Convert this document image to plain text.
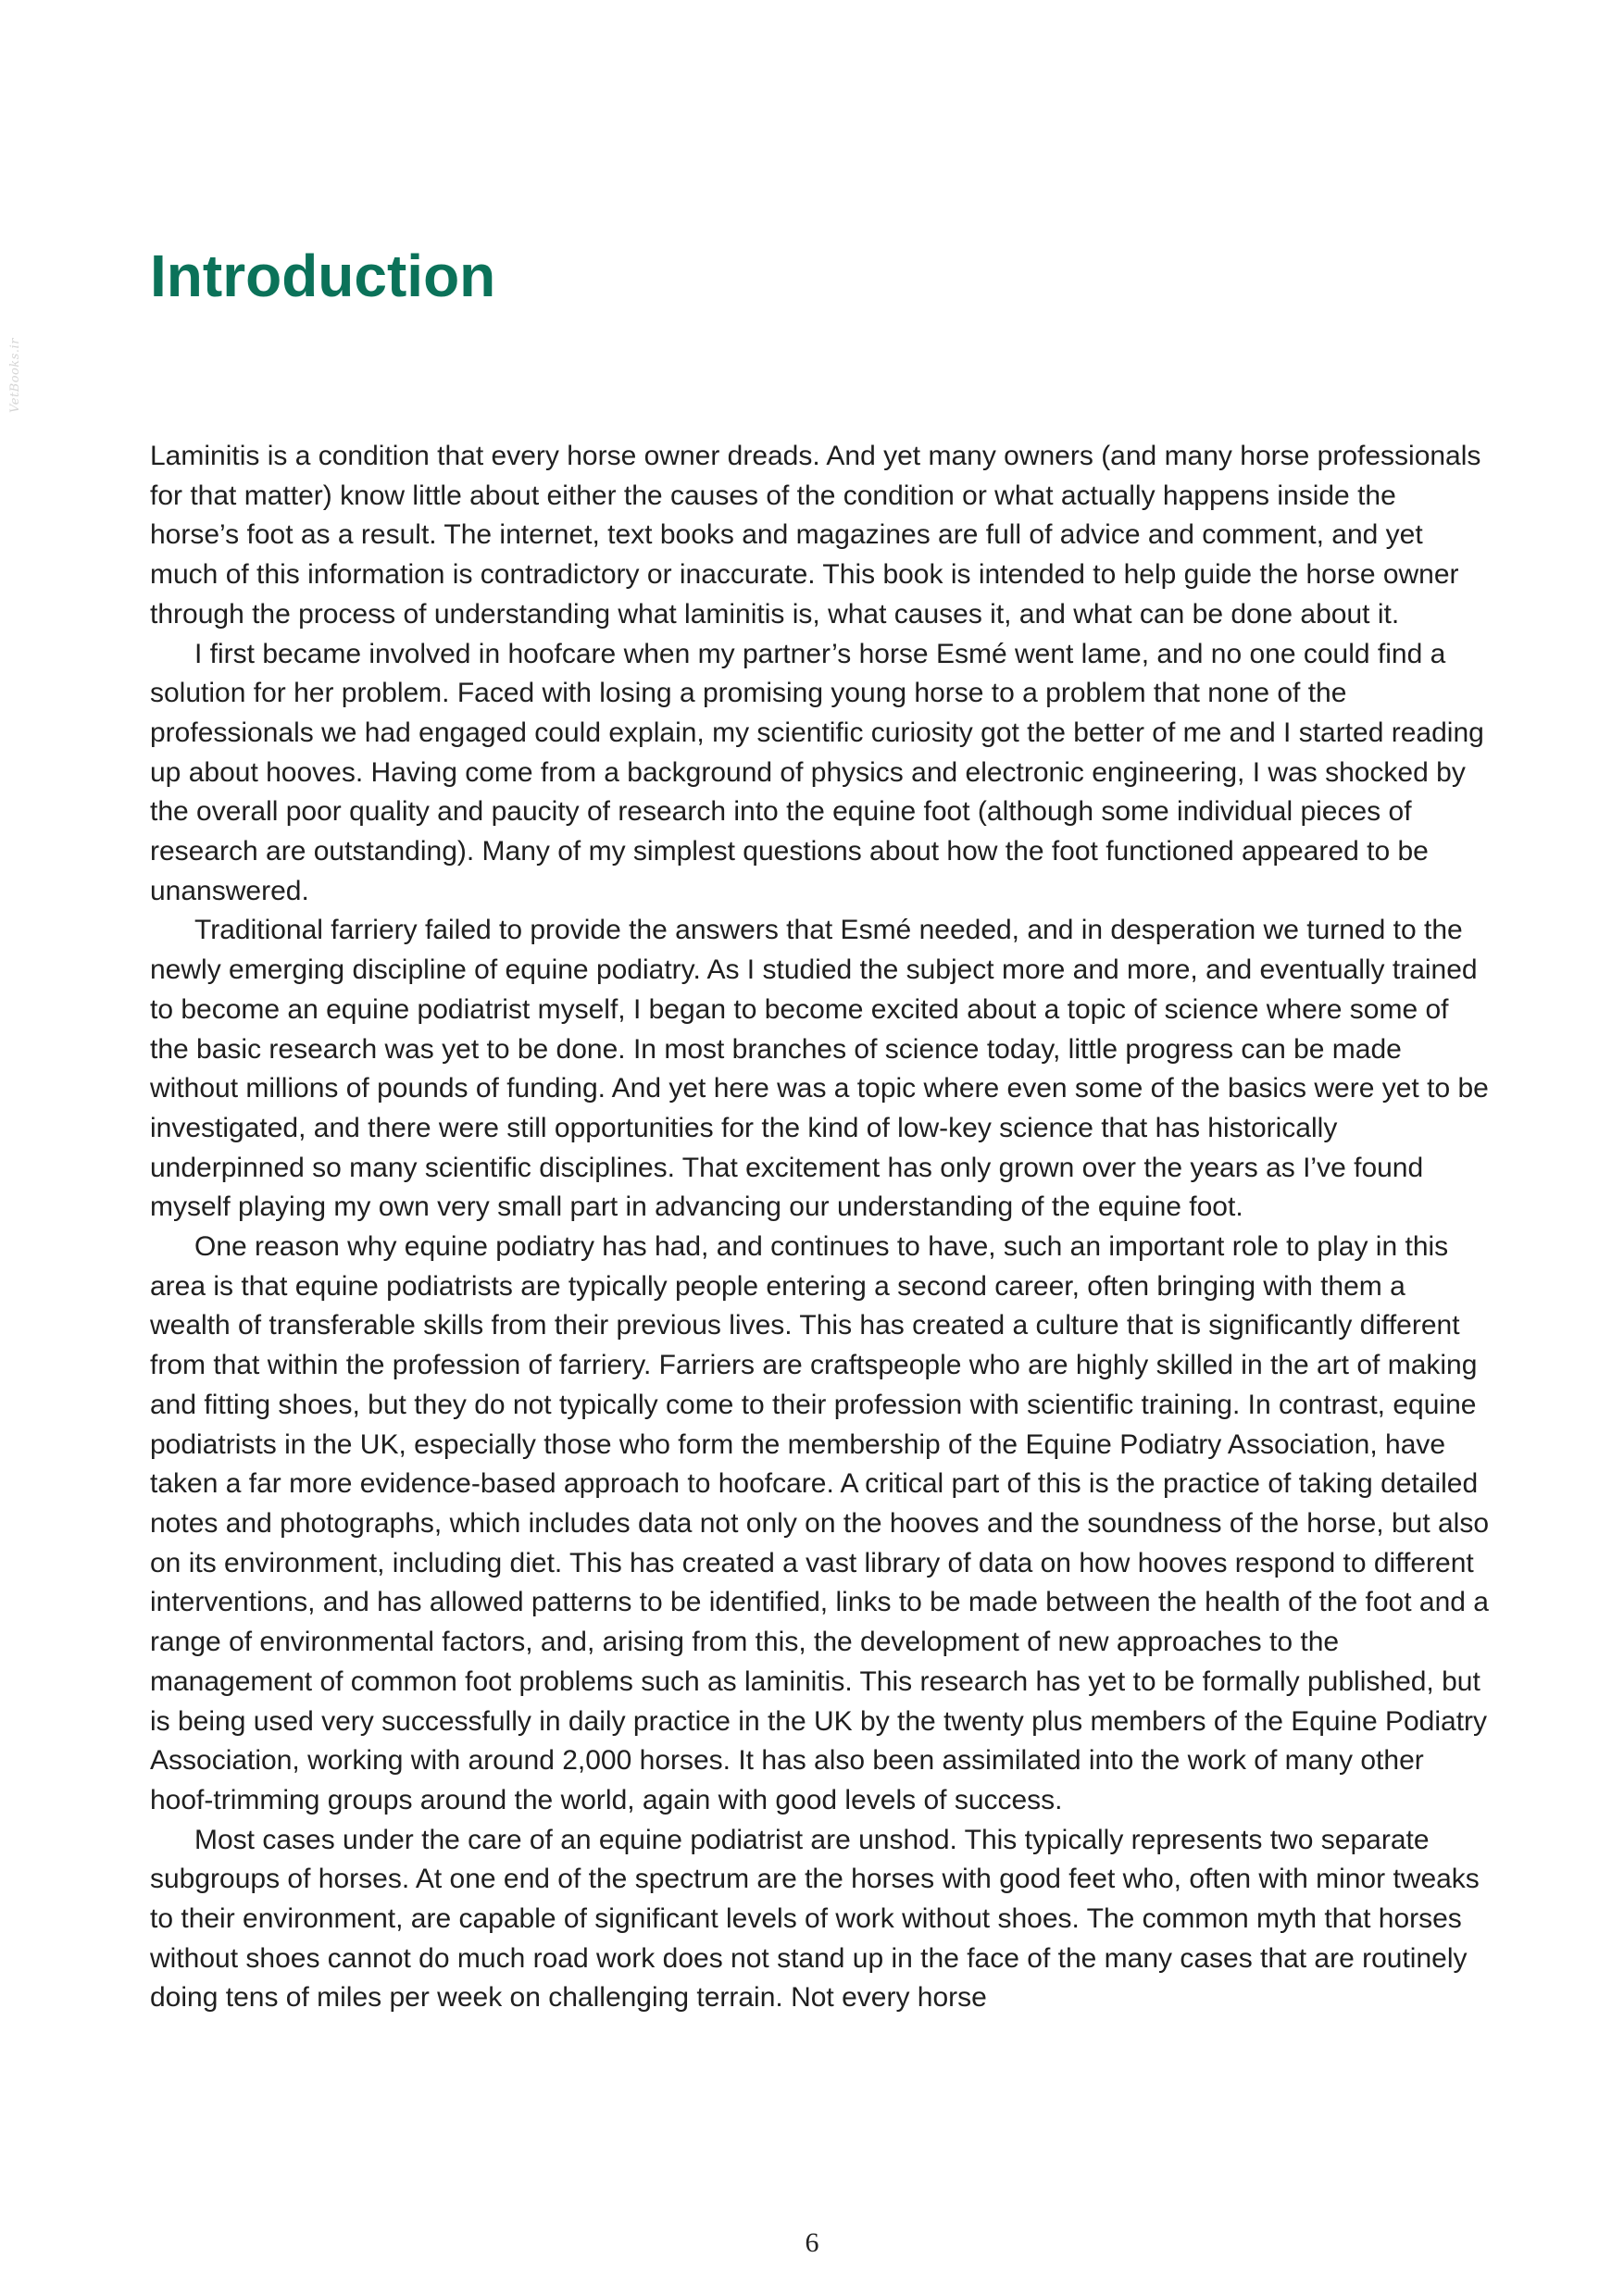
VetBooks.ir
Introduction

Laminitis is a condition that every horse owner dreads. And yet many owners (and many horse professionals for that matter) know little about either the causes of the condition or what actually happens inside the horse’s foot as a result. The internet, text books and magazines are full of advice and comment, and yet much of this information is contradictory or inaccurate. This book is intended to help guide the horse owner through the process of understanding what laminitis is, what causes it, and what can be done about it.

I first became involved in hoofcare when my partner’s horse Esmé went lame, and no one could find a solution for her problem. Faced with losing a promising young horse to a problem that none of the professionals we had engaged could explain, my scientific curiosity got the better of me and I started reading up about hooves. Having come from a background of physics and electronic engineering, I was shocked by the overall poor quality and paucity of research into the equine foot (although some individual pieces of research are outstanding). Many of my simplest questions about how the foot functioned appeared to be unanswered.

Traditional farriery failed to provide the answers that Esmé needed, and in desperation we turned to the newly emerging discipline of equine podiatry. As I studied the subject more and more, and eventually trained to become an equine podiatrist myself, I began to become excited about a topic of science where some of the basic research was yet to be done. In most branches of science today, little progress can be made without millions of pounds of funding. And yet here was a topic where even some of the basics were yet to be investigated, and there were still opportunities for the kind of low-key science that has historically underpinned so many scientific disciplines. That excitement has only grown over the years as I’ve found myself playing my own very small part in advancing our understanding of the equine foot.

One reason why equine podiatry has had, and continues to have, such an important role to play in this area is that equine podiatrists are typically people entering a second career, often bringing with them a wealth of transferable skills from their previous lives. This has created a culture that is significantly different from that within the profession of farriery. Farriers are craftspeople who are highly skilled in the art of making and fitting shoes, but they do not typically come to their profession with scientific training. In contrast, equine podiatrists in the UK, especially those who form the membership of the Equine Podiatry Association, have taken a far more evidence-based approach to hoofcare. A critical part of this is the practice of taking detailed notes and photographs, which includes data not only on the hooves and the soundness of the horse, but also on its environment, including diet. This has created a vast library of data on how hooves respond to different interventions, and has allowed patterns to be identified, links to be made between the health of the foot and a range of environmental factors, and, arising from this, the development of new approaches to the management of common foot problems such as laminitis. This research has yet to be formally published, but is being used very successfully in daily practice in the UK by the twenty plus members of the Equine Podiatry Association, working with around 2,000 horses. It has also been assimilated into the work of many other hoof-trimming groups around the world, again with good levels of success.

Most cases under the care of an equine podiatrist are unshod. This typically represents two separate subgroups of horses. At one end of the spectrum are the horses with good feet who, often with minor tweaks to their environment, are capable of significant levels of work without shoes. The common myth that horses without shoes cannot do much road work does not stand up in the face of the many cases that are routinely doing tens of miles per week on challenging terrain. Not every horse

6
